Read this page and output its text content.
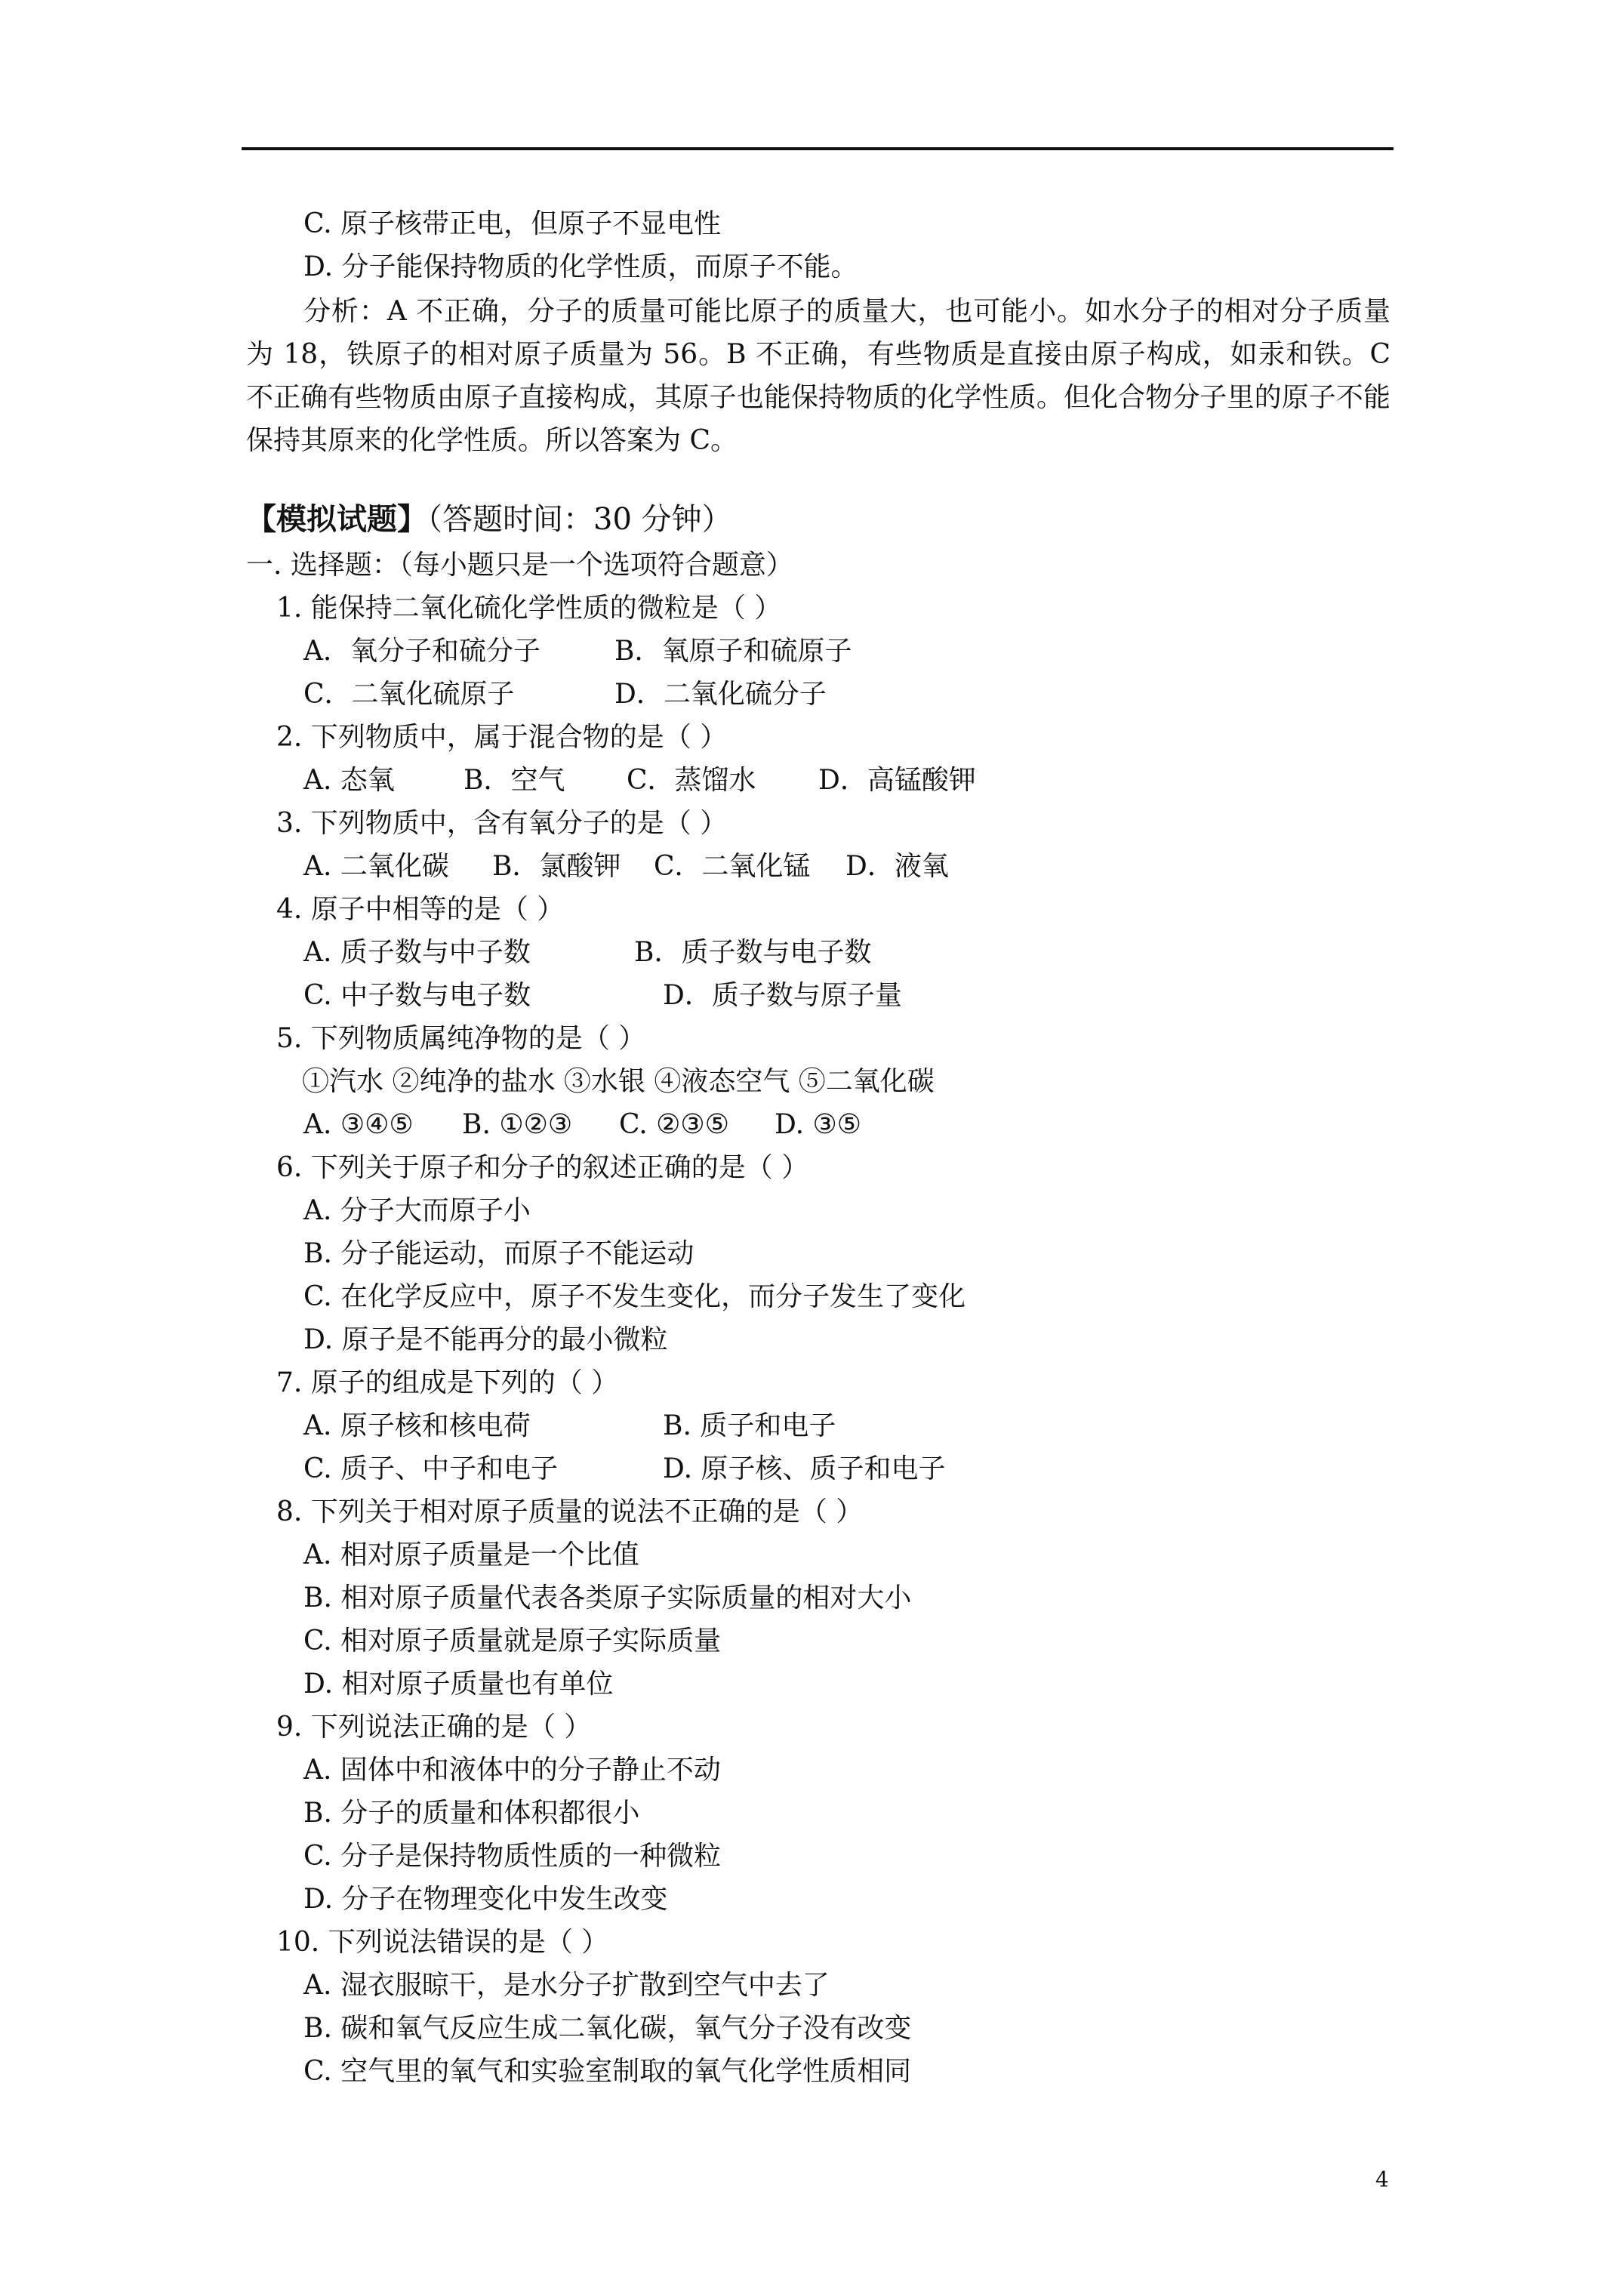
C. 原子核带正电，但原子不显电性
D. 分子能保持物质的化学性质，而原子不能。
分析：A 不正确，分子的质量可能比原子的质量大，也可能小。如水分子的相对分子质量为 18，铁原子的相对原子质量为 56。B 不正确，有些物质是直接由原子构成，如汞和铁。C 不正确有些物质由原子直接构成，其原子也能保持物质的化学性质。但化合物分子里的原子不能保持其原来的化学性质。所以答案为 C。
【模拟试题】（答题时间：30 分钟）
一. 选择题：（每小题只是一个选项符合题意）
1. 能保持二氧化硫化学性质的微粒是（ ）
A．氧分子和硫分子	B．氧原子和硫原子
C．二氧化硫原子	D．二氧化硫分子
2. 下列物质中，属于混合物的是（ ）
A. 态氧	B．空气 C．蒸馏水 D．高锰酸钾
3. 下列物质中，含有氧分子的是（ ）
A. 二氧化碳 B．氯酸钾 C．二氧化锰 D．液氧
4. 原子中相等的是（ ）
A. 质子数与中子数	B．质子数与电子数
C. 中子数与电子数	D．质子数与原子量
5. 下列物质属纯净物的是（ ）
①汽水 ②纯净的盐水 ③水银 ④液态空气 ⑤二氧化碳
A. ③④⑤ B. ①②③ C. ②③⑤ D. ③⑤
6. 下列关于原子和分子的叙述正确的是（ ）
A. 分子大而原子小
B. 分子能运动，而原子不能运动
C. 在化学反应中，原子不发生变化，而分子发生了变化
D. 原子是不能再分的最小微粒
7. 原子的组成是下列的（ ）
A. 原子核和核电荷	B. 质子和电子
C. 质子、中子和电子	D. 原子核、质子和电子
8. 下列关于相对原子质量的说法不正确的是（ ）
A. 相对原子质量是一个比值
B. 相对原子质量代表各类原子实际质量的相对大小
C. 相对原子质量就是原子实际质量
D. 相对原子质量也有单位
9. 下列说法正确的是（ ）
A. 固体中和液体中的分子静止不动
B. 分子的质量和体积都很小
C. 分子是保持物质性质的一种微粒
D. 分子在物理变化中发生改变
10. 下列说法错误的是（ ）
A. 湿衣服晾干，是水分子扩散到空气中去了
B. 碳和氧气反应生成二氧化碳，氧气分子没有改变
C. 空气里的氧气和实验室制取的氧气化学性质相同
4
